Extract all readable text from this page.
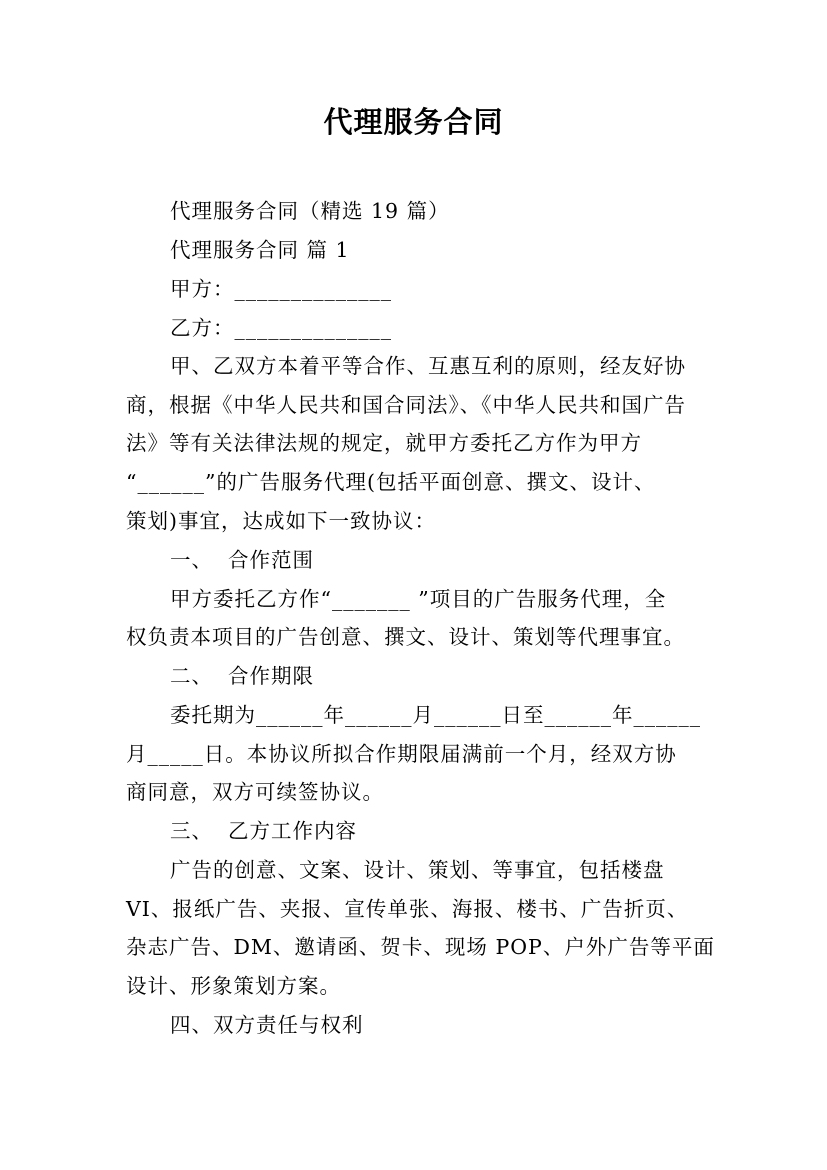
代理服务合同
代理服务合同（精选 19 篇）
代理服务合同 篇 1
甲方：______________
乙方：______________
甲、乙双方本着平等合作、互惠互利的原则，经友好协
商，根据《中华人民共和国合同法》、《中华人民共和国广告
法》等有关法律法规的规定，就甲方委托乙方作为甲方
“______”的广告服务代理(包括平面创意、撰文、设计、
策划)事宜，达成如下一致协议：
一、  合作范围
甲方委托乙方作“_______ ”项目的广告服务代理，全
权负责本项目的广告创意、撰文、设计、策划等代理事宜。
二、  合作期限
委托期为______年______月______日至______年______
月_____日。本协议所拟合作期限届满前一个月，经双方协
商同意，双方可续签协议。
三、  乙方工作内容
广告的创意、文案、设计、策划、等事宜，包括楼盘
VI、报纸广告、夹报、宣传单张、海报、楼书、广告折页、
杂志广告、DM、邀请函、贺卡、现场 POP、户外广告等平面
设计、形象策划方案。
四、双方责任与权利
